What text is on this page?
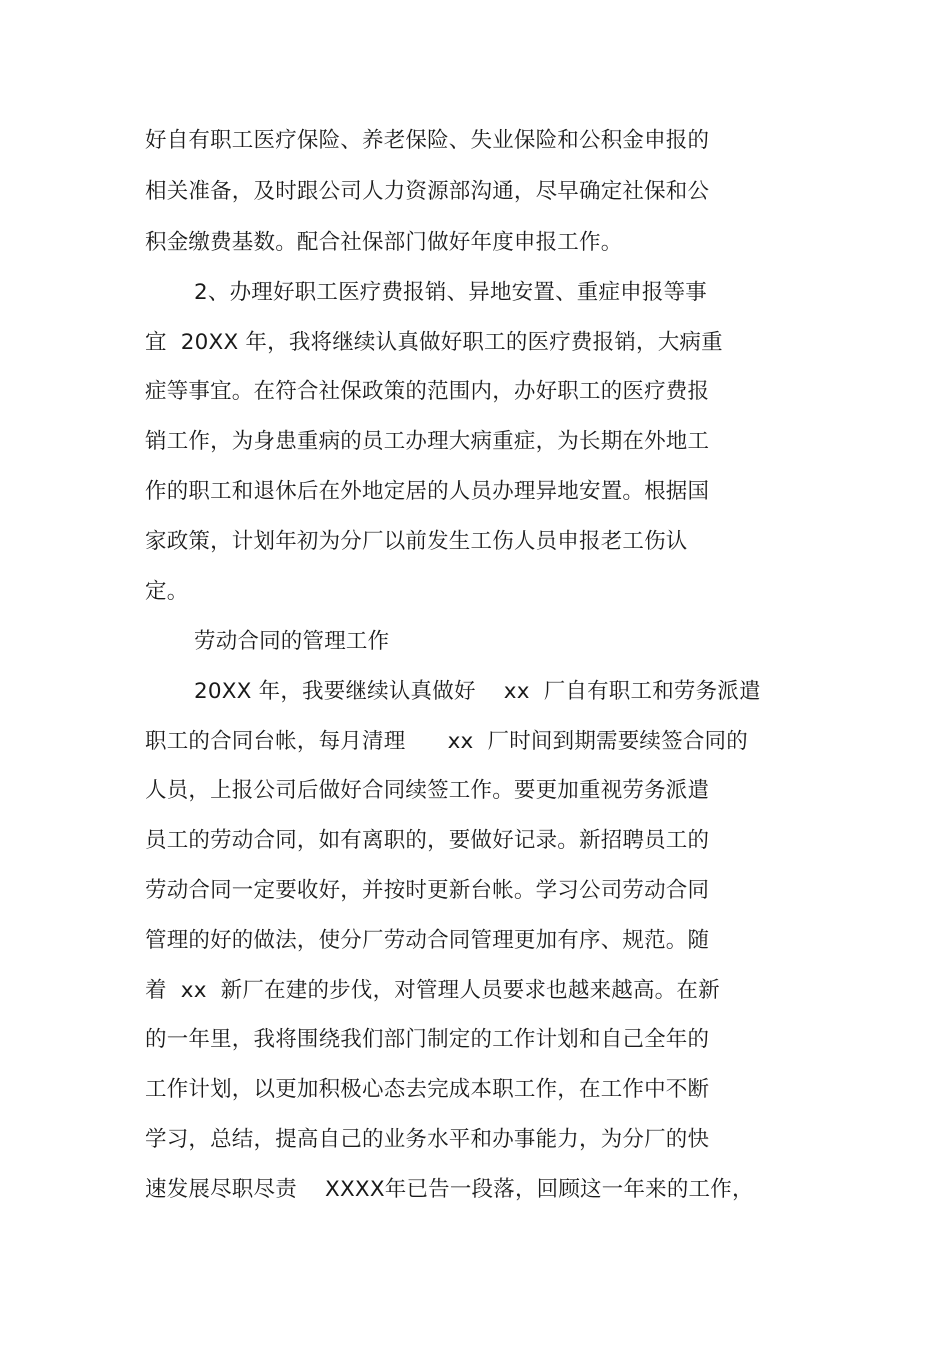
好自有职工医疗保险、养老保险、失业保险和公积金申报的
相关准备，及时跟公司人力资源部沟通，尽早确定社保和公
积金缴费基数。配合社保部门做好年度申报工作。
2、办理好职工医疗费报销、异地安置、重症申报等事
宜  20XX 年，我将继续认真做好职工的医疗费报销，大病重
症等事宜。在符合社保政策的范围内，办好职工的医疗费报
销工作，为身患重病的员工办理大病重症，为长期在外地工
作的职工和退休后在外地定居的人员办理异地安置。根据国
家政策，计划年初为分厂以前发生工伤人员申报老工伤认
定。
劳动合同的管理工作
20XX 年，我要继续认真做好    xx  厂自有职工和劳务派遣
职工的合同台帐，每月清理      xx  厂时间到期需要续签合同的
人员，上报公司后做好合同续签工作。要更加重视劳务派遣
员工的劳动合同，如有离职的，要做好记录。新招聘员工的
劳动合同一定要收好，并按时更新台帐。学习公司劳动合同
管理的好的做法，使分厂劳动合同管理更加有序、规范。随
着  xx  新厂在建的步伐，对管理人员要求也越来越高。在新
的一年里，我将围绕我们部门制定的工作计划和自己全年的
工作计划，以更加积极心态去完成本职工作，在工作中不断
学习，总结，提高自己的业务水平和办事能力，为分厂的快
速发展尽职尽责    XXXX年已告一段落，回顾这一年来的工作，
